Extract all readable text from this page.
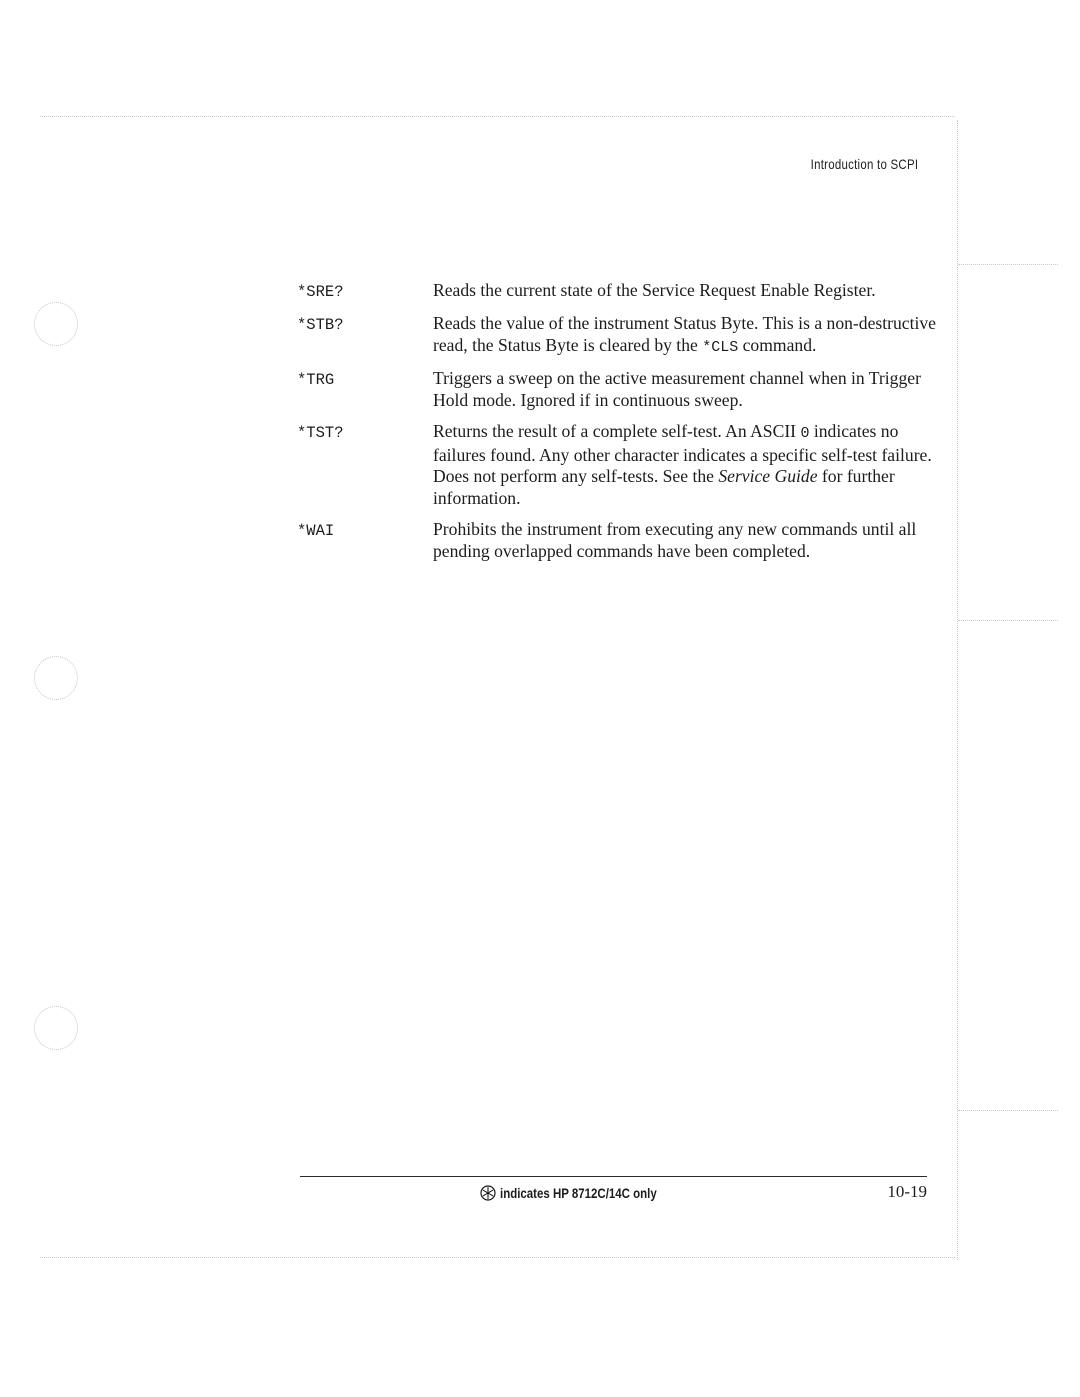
Introduction to SCPI
*SRE?	Reads the current state of the Service Request Enable Register.
*STB?	Reads the value of the instrument Status Byte. This is a non-destructive read, the Status Byte is cleared by the *CLS command.
*TRG	Triggers a sweep on the active measurement channel when in Trigger Hold mode. Ignored if in continuous sweep.
*TST?	Returns the result of a complete self-test. An ASCII 0 indicates no failures found. Any other character indicates a specific self-test failure. Does not perform any self-tests. See the Service Guide for further information.
*WAI	Prohibits the instrument from executing any new commands until all pending overlapped commands have been completed.
indicates HP 8712C/14C only	10-19
